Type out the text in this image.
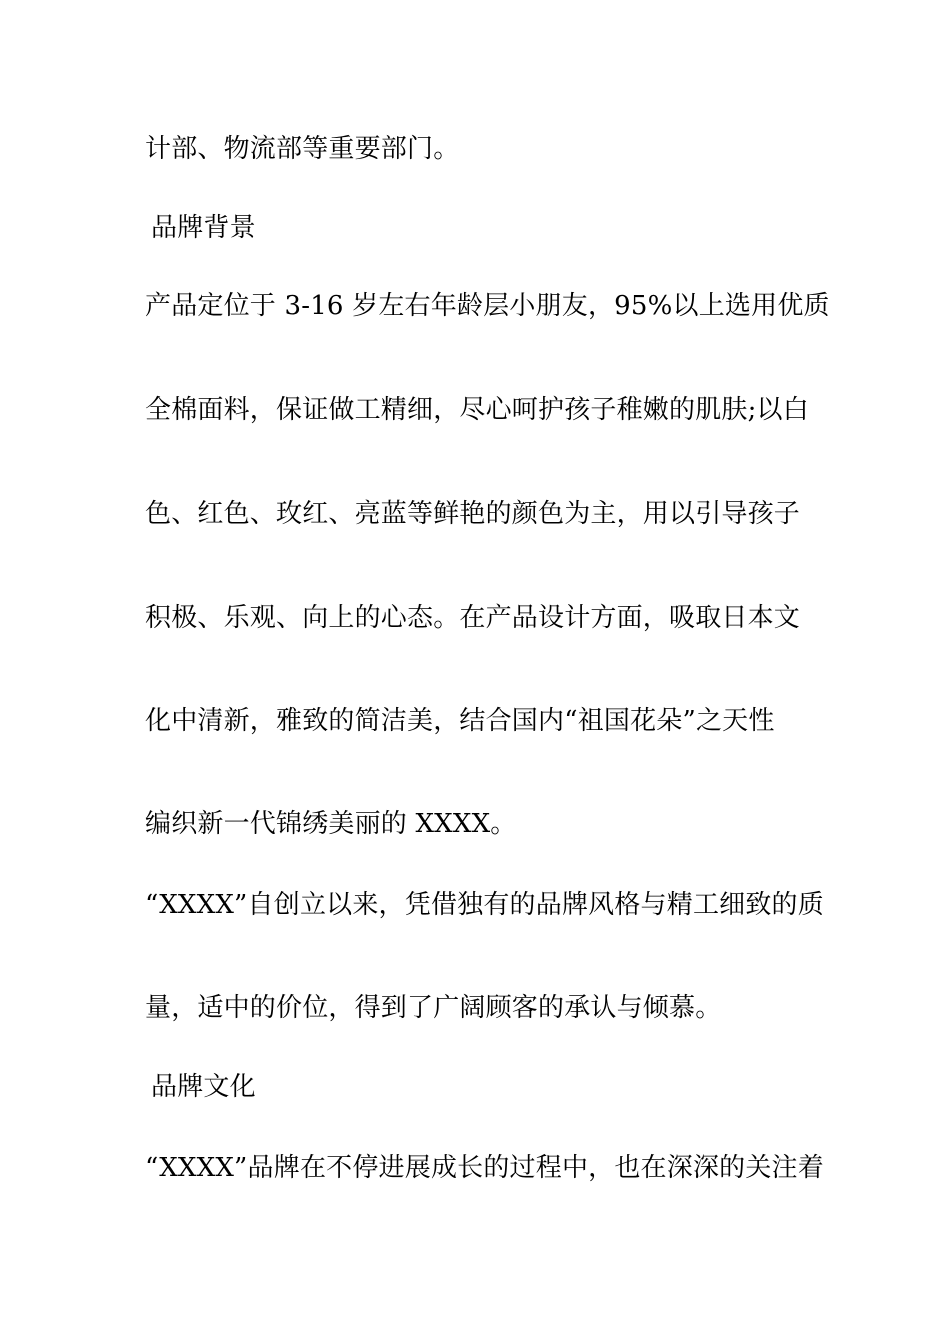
计部、物流部等重要部门。
品牌背景
产品定位于 3-16 岁左右年龄层小朋友，95%以上选用优质
全棉面料，保证做工精细，尽心呵护孩子稚嫩的肌肤;以白
色、红色、玫红、亮蓝等鲜艳的颜色为主，用以引导孩子
积极、乐观、向上的心态。在产品设计方面，吸取日本文
化中清新，雅致的简洁美，结合国内“祖国花朵”之天性
编织新一代锦绣美丽的 XXXX。
“XXXX”自创立以来，凭借独有的品牌风格与精工细致的质
量，适中的价位，得到了广阔顾客的承认与倾慕。
品牌文化
“XXXX”品牌在不停进展成长的过程中，也在深深的关注着
